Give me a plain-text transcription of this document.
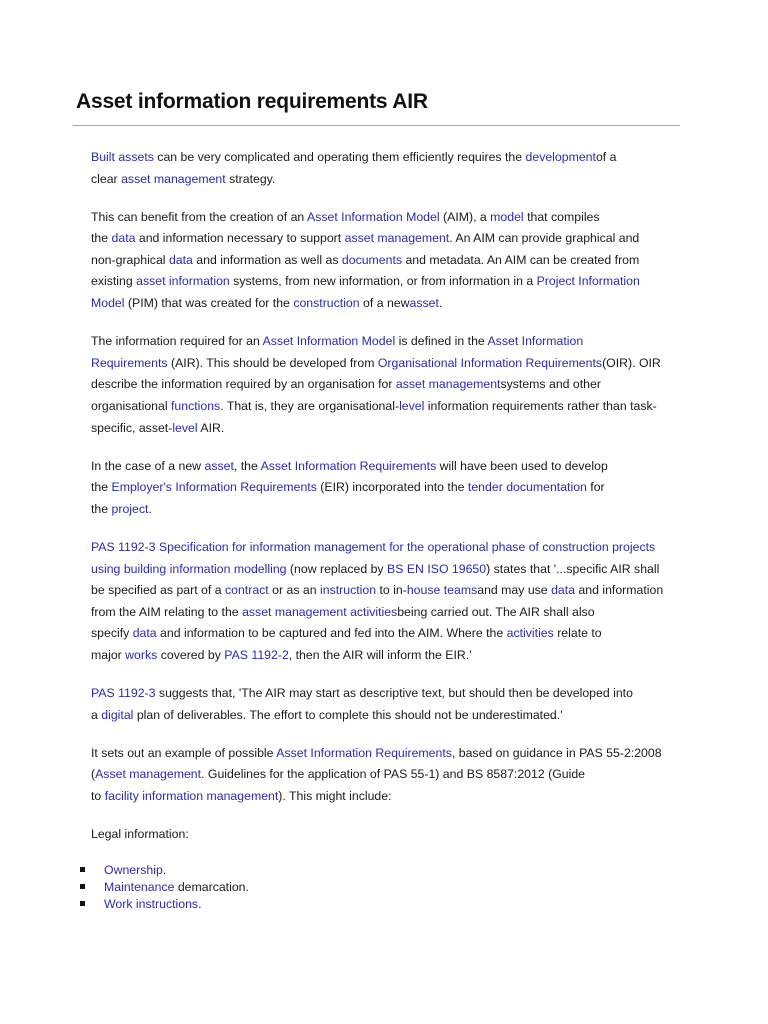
Asset information requirements AIR

Built assets can be very complicated and operating them efficiently requires the developmentof a
clear asset management strategy.

This can benefit from the creation of an Asset Information Model (AIM), a model that compiles
the data and information necessary to support asset management. An AIM can provide graphical and
non-graphical data and information as well as documents and metadata. An AIM can be created from
existing asset information systems, from new information, or from information in a Project Information
Model (PIM) that was created for the construction of a newasset.

The information required for an Asset Information Model is defined in the Asset Information
Requirements (AIR). This should be developed from Organisational Information Requirements(OIR). OIR
describe the information required by an organisation for asset managementsystems and other
organisational functions. That is, they are organisational-level information requirements rather than task-
specific, asset-level AIR.

In the case of a new asset, the Asset Information Requirements will have been used to develop
the Employer's Information Requirements (EIR) incorporated into the tender documentation for
the project.

PAS 1192-3 Specification for information management for the operational phase of construction projects
using building information modelling (now replaced by BS EN ISO 19650) states that '...specific AIR shall
be specified as part of a contract or as an instruction to in-house teamsand may use data and information
from the AIM relating to the asset management activitiesbeing carried out. The AIR shall also
specify data and information to be captured and fed into the AIM. Where the activities relate to
major works covered by PAS 1192-2, then the AIR will inform the EIR.'

PAS 1192-3 suggests that, 'The AIR may start as descriptive text, but should then be developed into
a digital plan of deliverables. The effort to complete this should not be underestimated.'

It sets out an example of possible Asset Information Requirements, based on guidance in PAS 55-2:2008
(Asset management. Guidelines for the application of PAS 55-1) and BS 8587:2012 (Guide
to facility information management). This might include:

Legal information:

Ownership.
Maintenance demarcation.
Work instructions.
